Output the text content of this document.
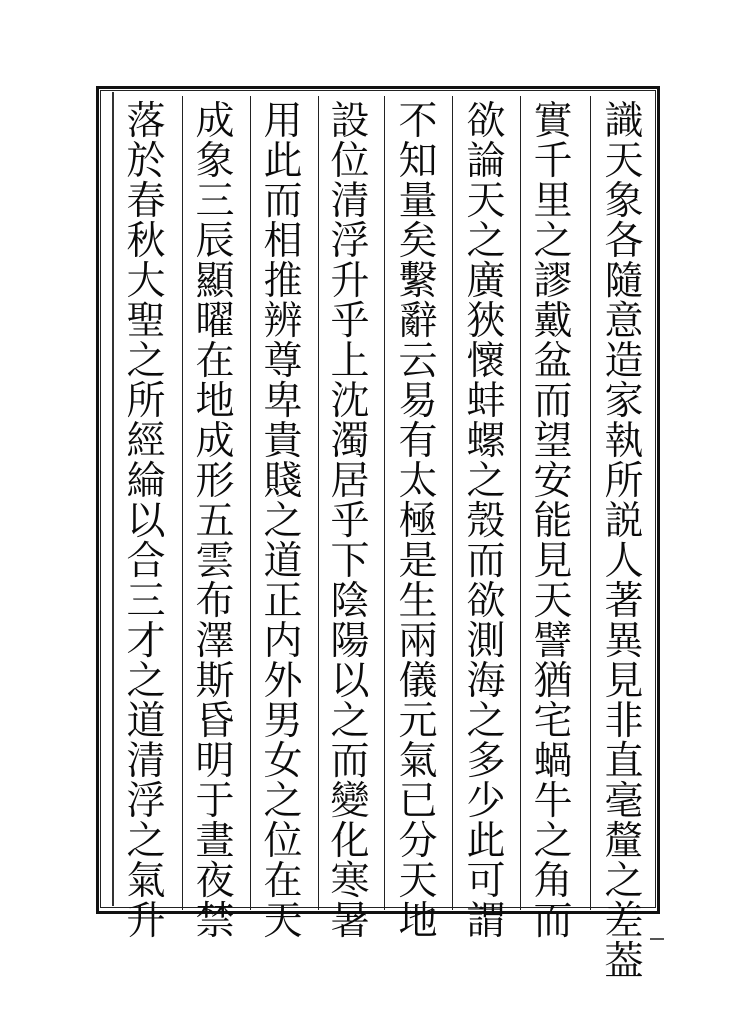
識
天
象
各
隨
意
造
家
執
所
説
人
著
異
見
非
直
毫
釐
之
差
葢
實
千
里
之
謬
戴
盆
而
望
安
能
見
天
譬
猶
宅
蝸
牛
之
角
而
欲
論
天
之
廣
狹
懷
蚌
螺
之
殼
而
欲
測
海
之
多
少
此
可
謂
不
知
量
矣
繫
辭
云
易
有
太
極
是
生
兩
儀
元
氣
已
分
天
地
設
位
清
浮
升
乎
上
沈
濁
居
乎
下
陰
陽
以
之
而
變
化
寒
暑
用
此
而
相
推
辨
尊
卑
貴
賤
之
道
正
内
外
男
女
之
位
在
天
成
象
三
辰
顯
曜
在
地
成
形
五
雲
布
澤
斯
昏
明
于
晝
夜
禁
落
於
春
秋
大
聖
之
所
經
綸
以
合
三
才
之
道
清
浮
之
氣
升
